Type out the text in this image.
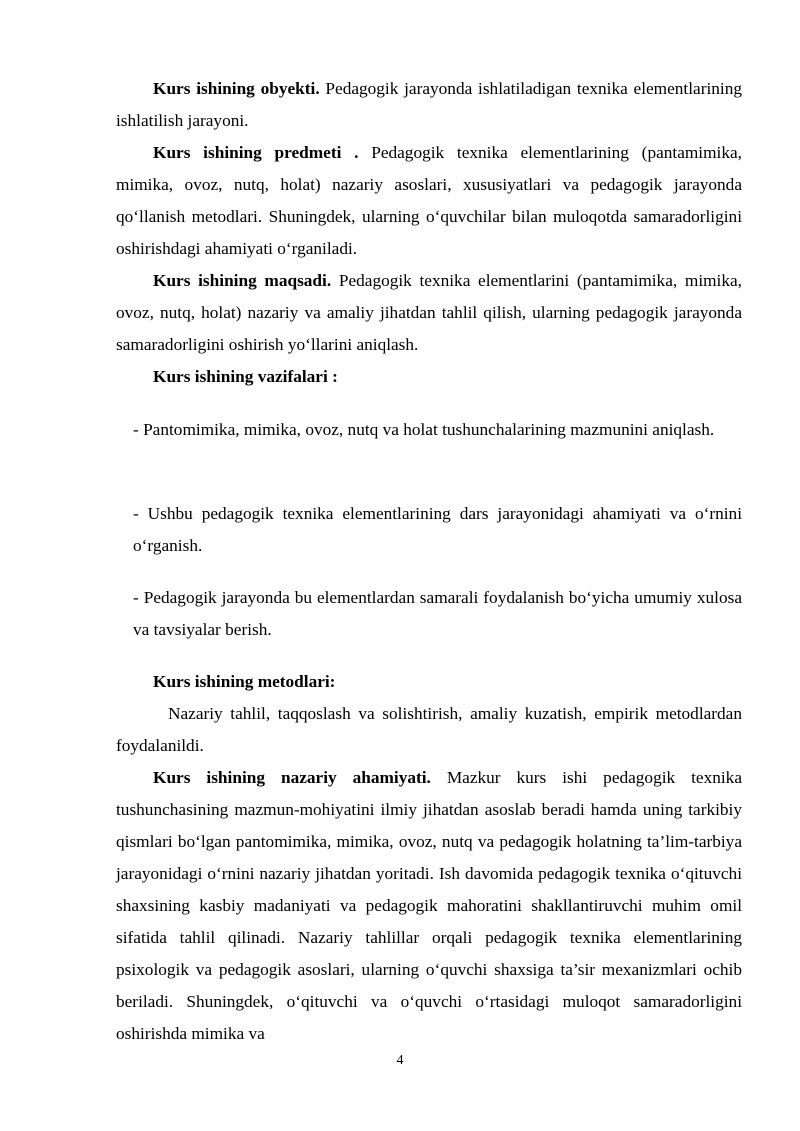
Kurs ishining obyekti. Pedagogik jarayonda ishlatiladigan texnika elementlarining ishlatilish jarayoni.

Kurs ishining predmeti . Pedagogik texnika elementlarining (pantamimika, mimika, ovoz, nutq, holat) nazariy asoslari, xususiyatlari va pedagogik jarayonda qo‘llanish metodlari. Shuningdek, ularning o‘quvchilar bilan muloqotda samaradorligini oshirishdagi ahamiyati o‘rganiladi.

Kurs ishining maqsadi. Pedagogik texnika elementlarini (pantamimika, mimika, ovoz, nutq, holat) nazariy va amaliy jihatdan tahlil qilish, ularning pedagogik jarayonda samaradorligini oshirish yo‘llarini aniqlash.

Kurs ishining vazifalari :

- Pantomimika, mimika, ovoz, nutq va holat tushunchalarining mazmunini aniqlash.

- Ushbu pedagogik texnika elementlarining dars jarayonidagi ahamiyati va o‘rnini o‘rganish.

- Pedagogik jarayonda bu elementlardan samarali foydalanish bo‘yicha umumiy xulosa va tavsiyalar berish.

Kurs ishining metodlari:

Nazariy tahlil, taqqoslash va solishtirish, amaliy kuzatish, empirik metodlardan foydalanildi.

Kurs ishining nazariy ahamiyati. Mazkur kurs ishi pedagogik texnika tushunchasining mazmun-mohiyatini ilmiy jihatdan asoslab beradi hamda uning tarkibiy qismlari bo‘lgan pantomimika, mimika, ovoz, nutq va pedagogik holatning ta’lim-tarbiya jarayonidagi o‘rnini nazariy jihatdan yoritadi. Ish davomida pedagogik texnika o‘qituvchi shaxsining kasbiy madaniyati va pedagogik mahoratini shakllantiruvchi muhim omil sifatida tahlil qilinadi. Nazariy tahlillar orqali pedagogik texnika elementlarining psixologik va pedagogik asoslari, ularning o‘quvchi shaxsiga ta’sir mexanizmlari ochib beriladi. Shuningdek, o‘qituvchi va o‘quvchi o‘rtasidagi muloqot samaradorligini oshirishda mimika va

4
